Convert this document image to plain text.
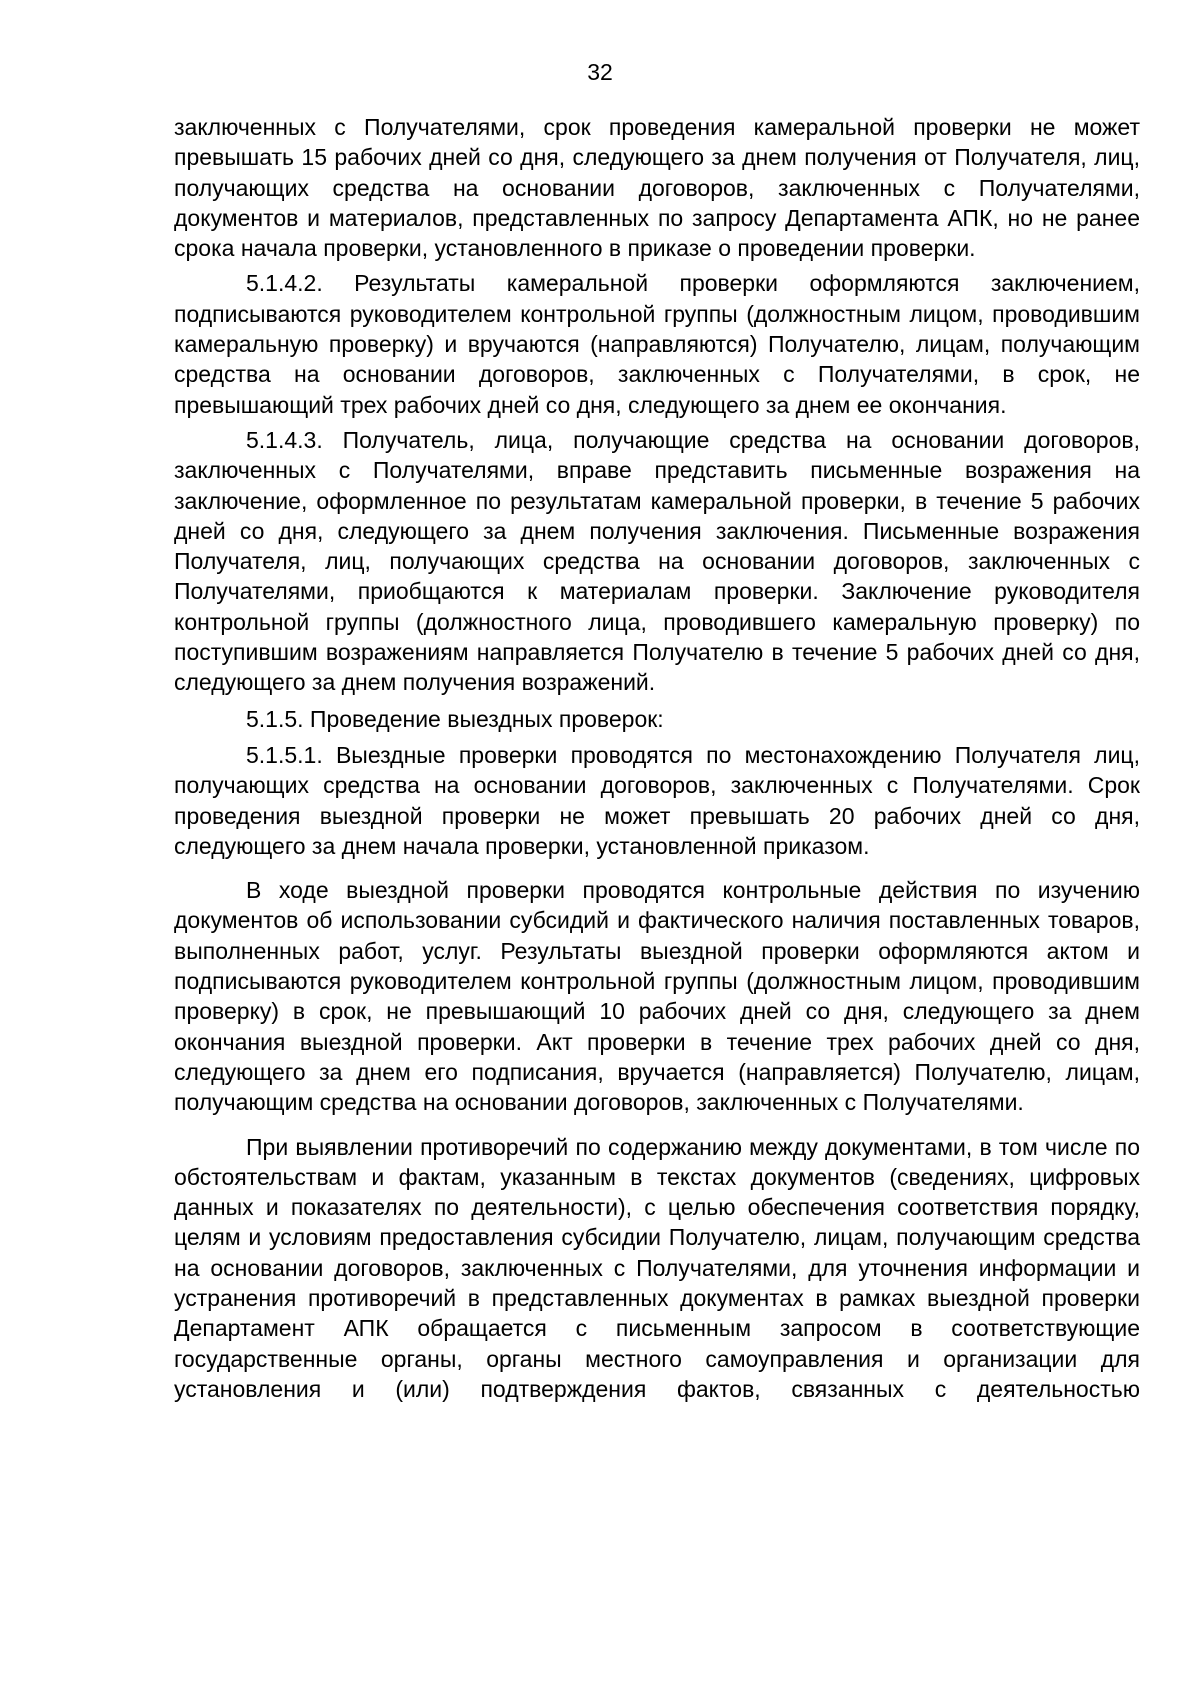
32

заключенных с Получателями, срок проведения камеральной проверки не может превышать 15 рабочих дней со дня, следующего за днем получения от Получателя, лиц, получающих средства на основании договоров, заключенных с Получателями, документов и материалов, представленных по запросу Департамента АПК, но не ранее срока начала проверки, установленного в приказе о проведении проверки.

5.1.4.2. Результаты камеральной проверки оформляются заключением, подписываются руководителем контрольной группы (должностным лицом, проводившим камеральную проверку) и вручаются (направляются) Получателю, лицам, получающим средства на основании договоров, заключенных с Получателями, в срок, не превышающий трех рабочих дней со дня, следующего за днем ее окончания.

5.1.4.3. Получатель, лица, получающие средства на основании договоров, заключенных с Получателями, вправе представить письменные возражения на заключение, оформленное по результатам камеральной проверки, в течение 5 рабочих дней со дня, следующего за днем получения заключения. Письменные возражения Получателя, лиц, получающих средства на основании договоров, заключенных с Получателями, приобщаются к материалам проверки. Заключение руководителя контрольной группы (должностного лица, проводившего камеральную проверку) по поступившим возражениям направляется Получателю в течение 5 рабочих дней со дня, следующего за днем получения возражений.

5.1.5. Проведение выездных проверок:

5.1.5.1. Выездные проверки проводятся по местонахождению Получателя лиц, получающих средства на основании договоров, заключенных с Получателями. Срок проведения выездной проверки не может превышать 20 рабочих дней со дня, следующего за днем начала проверки, установленной приказом.

В ходе выездной проверки проводятся контрольные действия по изучению документов об использовании субсидий и фактического наличия поставленных товаров, выполненных работ, услуг. Результаты выездной проверки оформляются актом и подписываются руководителем контрольной группы (должностным лицом, проводившим проверку) в срок, не превышающий 10 рабочих дней со дня, следующего за днем окончания выездной проверки. Акт проверки в течение трех рабочих дней со дня, следующего за днем его подписания, вручается (направляется) Получателю, лицам, получающим средства на основании договоров, заключенных с Получателями.

При выявлении противоречий по содержанию между документами, в том числе по обстоятельствам и фактам, указанным в текстах документов (сведениях, цифровых данных и показателях по деятельности), с целью обеспечения соответствия порядку, целям и условиям предоставления субсидии Получателю, лицам, получающим средства на основании договоров, заключенных с Получателями, для уточнения информации и устранения противоречий в представленных документах в рамках выездной проверки Департамент АПК обращается с письменным запросом в соответствующие государственные органы, органы местного самоуправления и организации для установления и (или) подтверждения фактов, связанных с деятельностью
